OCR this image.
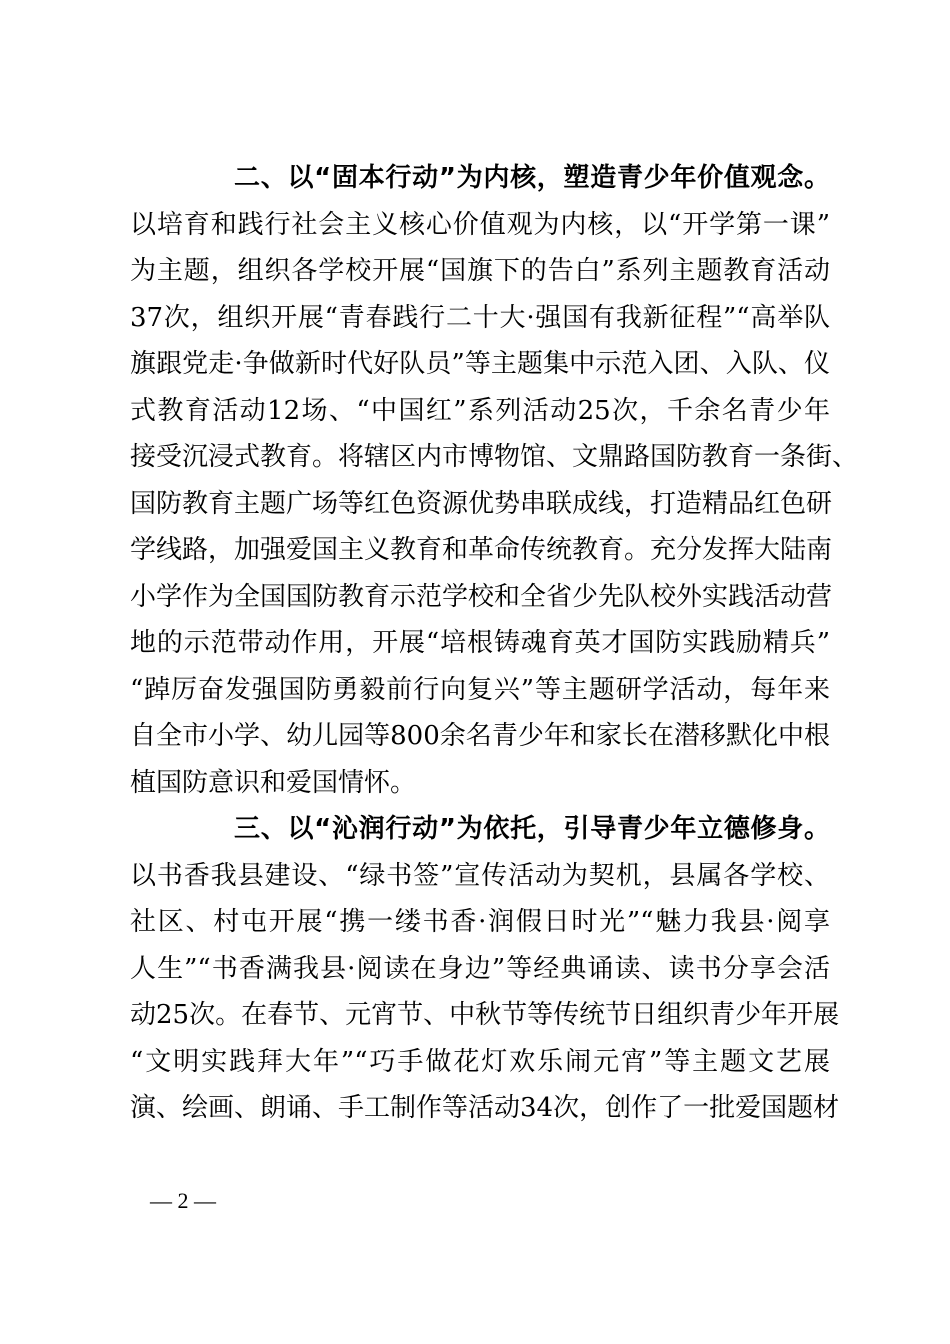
二、以“固本行动”为内核，塑造青少年价值观念。
以培育和践行社会主义核心价值观为内核，以“开学第一课”
为主题，组织各学校开展“国旗下的告白”系列主题教育活动
37次，组织开展“青春践行二十大·强国有我新征程”“高举队
旗跟党走·争做新时代好队员”等主题集中示范入团、入队、仪
式教育活动12场、“中国红”系列活动25次，千余名青少年
接受沉浸式教育。将辖区内市博物馆、文鼎路国防教育一条街、
国防教育主题广场等红色资源优势串联成线，打造精品红色研
学线路，加强爱国主义教育和革命传统教育。充分发挥大陆南
小学作为全国国防教育示范学校和全省少先队校外实践活动营
地的示范带动作用，开展“培根铸魂育英才国防实践励精兵”
“踔厉奋发强国防勇毅前行向复兴”等主题研学活动，每年来
自全市小学、幼儿园等800余名青少年和家长在潜移默化中根
植国防意识和爱国情怀。
三、以“沁润行动”为依托，引导青少年立德修身。
以书香我县建设、“绿书签”宣传活动为契机，县属各学校、
社区、村屯开展“携一缕书香·润假日时光”“魅力我县·阅享
人生”“书香满我县·阅读在身边”等经典诵读、读书分享会活
动25次。在春节、元宵节、中秋节等传统节日组织青少年开展
“文明实践拜大年”“巧手做花灯欢乐闹元宵”等主题文艺展
演、绘画、朗诵、手工制作等活动34次，创作了一批爱国题材
— 2 —
